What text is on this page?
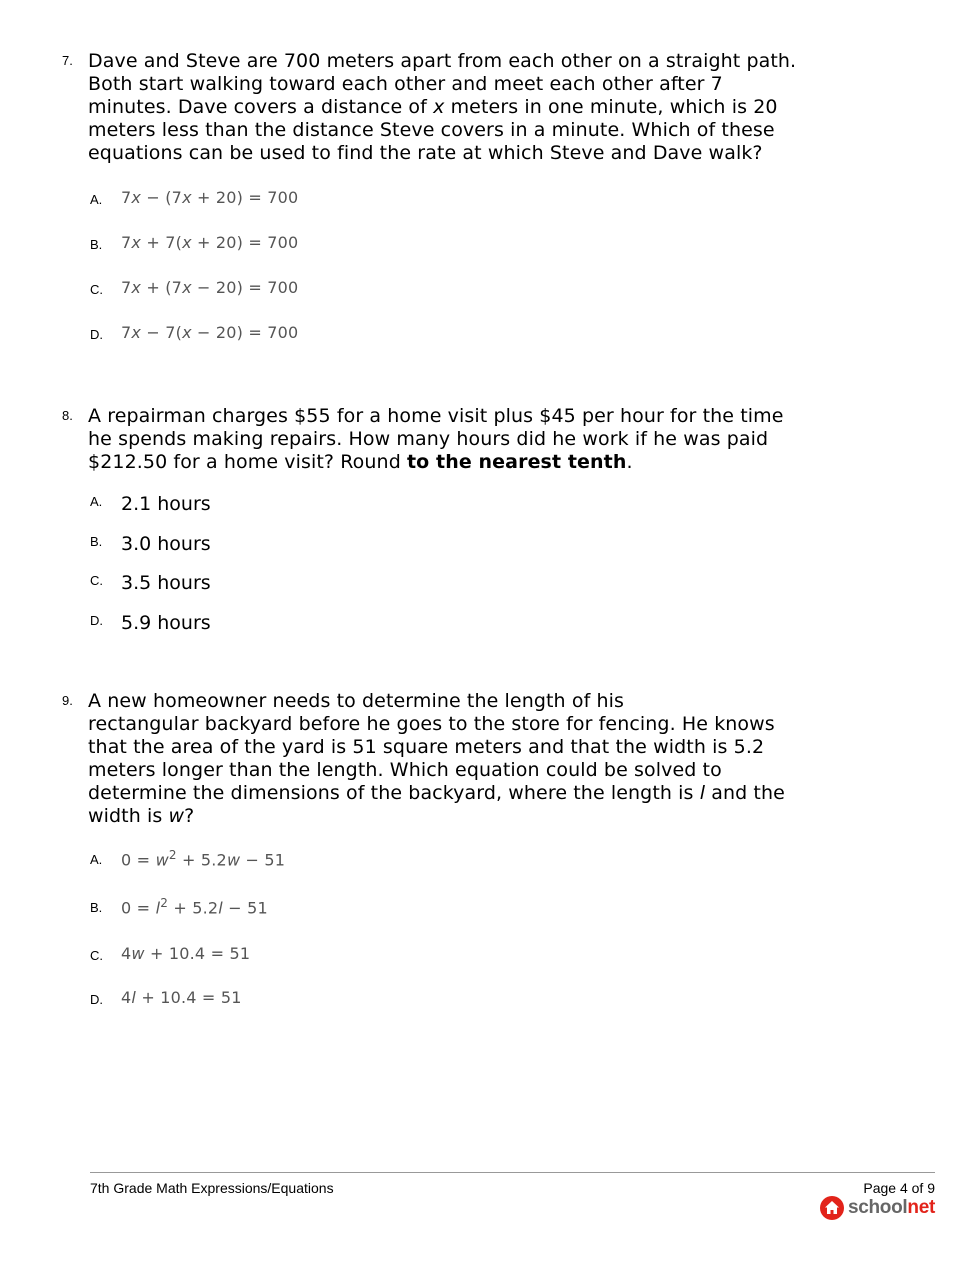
7. Dave and Steve are 700 meters apart from each other on a straight path.
Both start walking toward each other and meet each other after 7
minutes. Dave covers a distance of x meters in one minute, which is 20
meters less than the distance Steve covers in a minute. Which of these
equations can be used to find the rate at which Steve and Dave walk?
A. 7x − (7x + 20) = 700
B. 7x + 7(x + 20) = 700
C. 7x + (7x − 20) = 700
D. 7x − 7(x − 20) = 700
8. A repairman charges $55 for a home visit plus $45 per hour for the time
he spends making repairs. How many hours did he work if he was paid
$212.50 for a home visit? Round to the nearest tenth.
A. 2.1 hours
B. 3.0 hours
C. 3.5 hours
D. 5.9 hours
9. A new homeowner needs to determine the length of his
rectangular backyard before he goes to the store for fencing. He knows
that the area of the yard is 51 square meters and that the width is 5.2
meters longer than the length. Which equation could be solved to
determine the dimensions of the backyard, where the length is l and the
width is w?
A. $0 = w^2 + 5.2w - 51$
B. $0 = l^2 + 5.2l - 51$
C. 4w + 10.4 = 51
D. 4l + 10.4 = 51
7th Grade Math Expressions/Equations	Page 4 of 9
schoolnet
